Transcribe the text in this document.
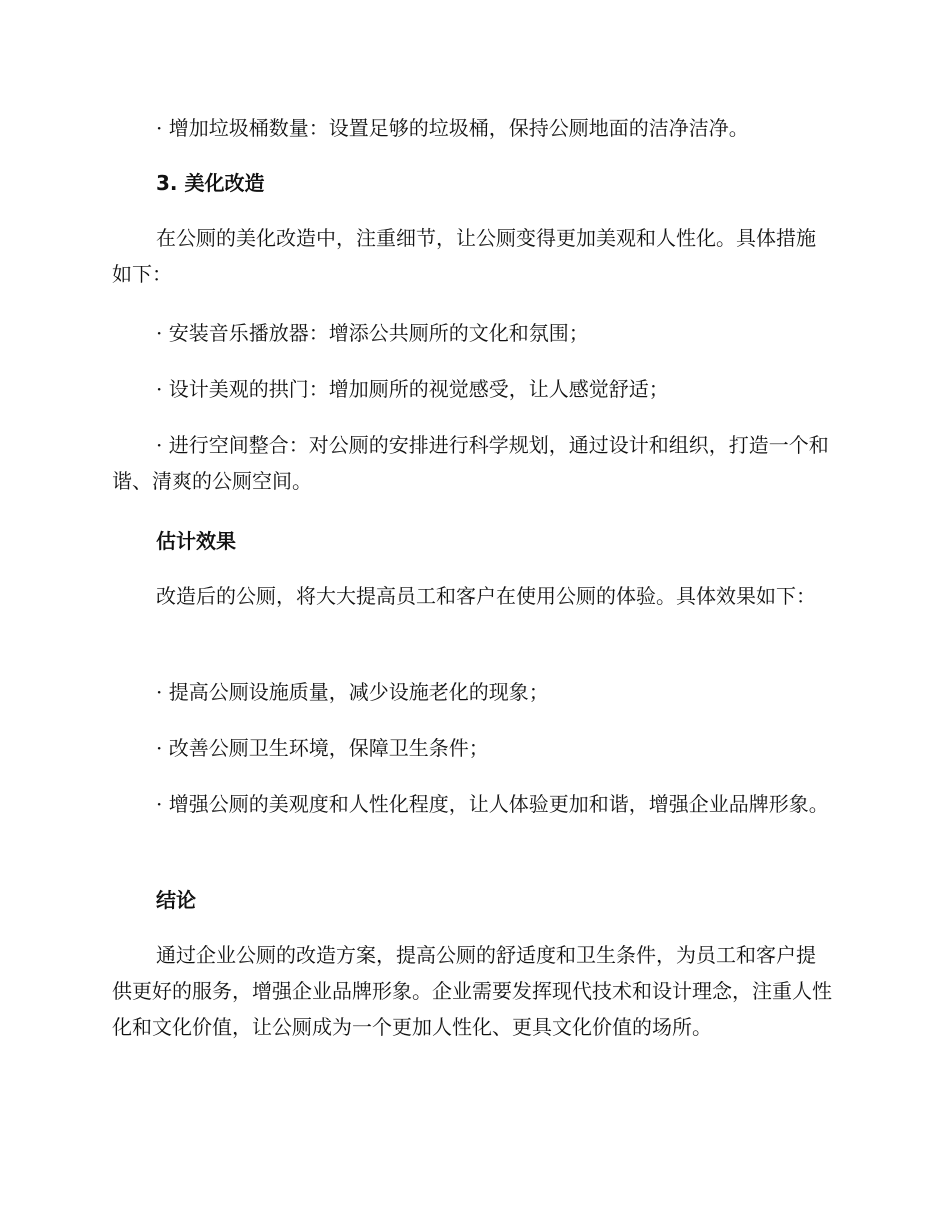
· 增加垃圾桶数量：设置足够的垃圾桶，保持公厕地面的洁净洁净。

3. 美化改造

在公厕的美化改造中，注重细节，让公厕变得更加美观和人性化。具体措施如下：

· 安装音乐播放器：增添公共厕所的文化和氛围；

· 设计美观的拱门：增加厕所的视觉感受，让人感觉舒适；

· 进行空间整合：对公厕的安排进行科学规划，通过设计和组织，打造一个和谐、清爽的公厕空间。

估计效果

改造后的公厕，将大大提高员工和客户在使用公厕的体验。具体效果如下：

· 提高公厕设施质量，减少设施老化的现象；

· 改善公厕卫生环境，保障卫生条件；

· 增强公厕的美观度和人性化程度，让人体验更加和谐，增强企业品牌形象。

结论

通过企业公厕的改造方案，提高公厕的舒适度和卫生条件，为员工和客户提供更好的服务，增强企业品牌形象。企业需要发挥现代技术和设计理念，注重人性化和文化价值，让公厕成为一个更加人性化、更具文化价值的场所。
